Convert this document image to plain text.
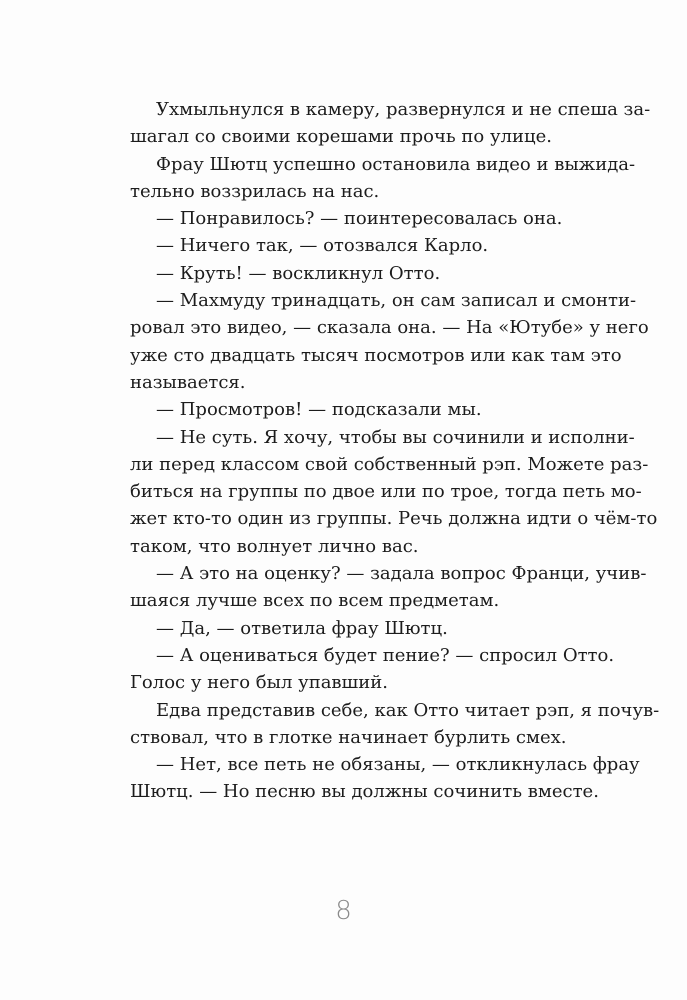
Ухмыльнулся в камеру, развернулся и не спеша за-
шагал со своими корешами прочь по улице.

Фрау Шютц успешно остановила видео и выжида-
тельно воззрилась на нас.

— Понравилось? — поинтересовалась она.

— Ничего так, — отозвался Карло.

— Круть! — воскликнул Отто.

— Махмуду тринадцать, он сам записал и смонти-
ровал это видео, — сказала она. — На «Ютубе» у него
уже сто двадцать тысяч посмотров или как там это
называется.

— Просмотров! — подсказали мы.

— Не суть. Я хочу, чтобы вы сочинили и исполни-
ли перед классом свой собственный рэп. Можете раз-
биться на группы по двое или по трое, тогда петь мо-
жет кто-то один из группы. Речь должна идти о чём-то
таком, что волнует лично вас.

— А это на оценку? — задала вопрос Франци, учив-
шаяся лучше всех по всем предметам.

— Да, — ответила фрау Шютц.

— А оцениваться будет пение? — спросил Отто.
Голос у него был упавший.

Едва представив себе, как Отто читает рэп, я почув-
ствовал, что в глотке начинает бурлить смех.

— Нет, все петь не обязаны, — откликнулась фрау
Шютц. — Но песню вы должны сочинить вместе.

8
